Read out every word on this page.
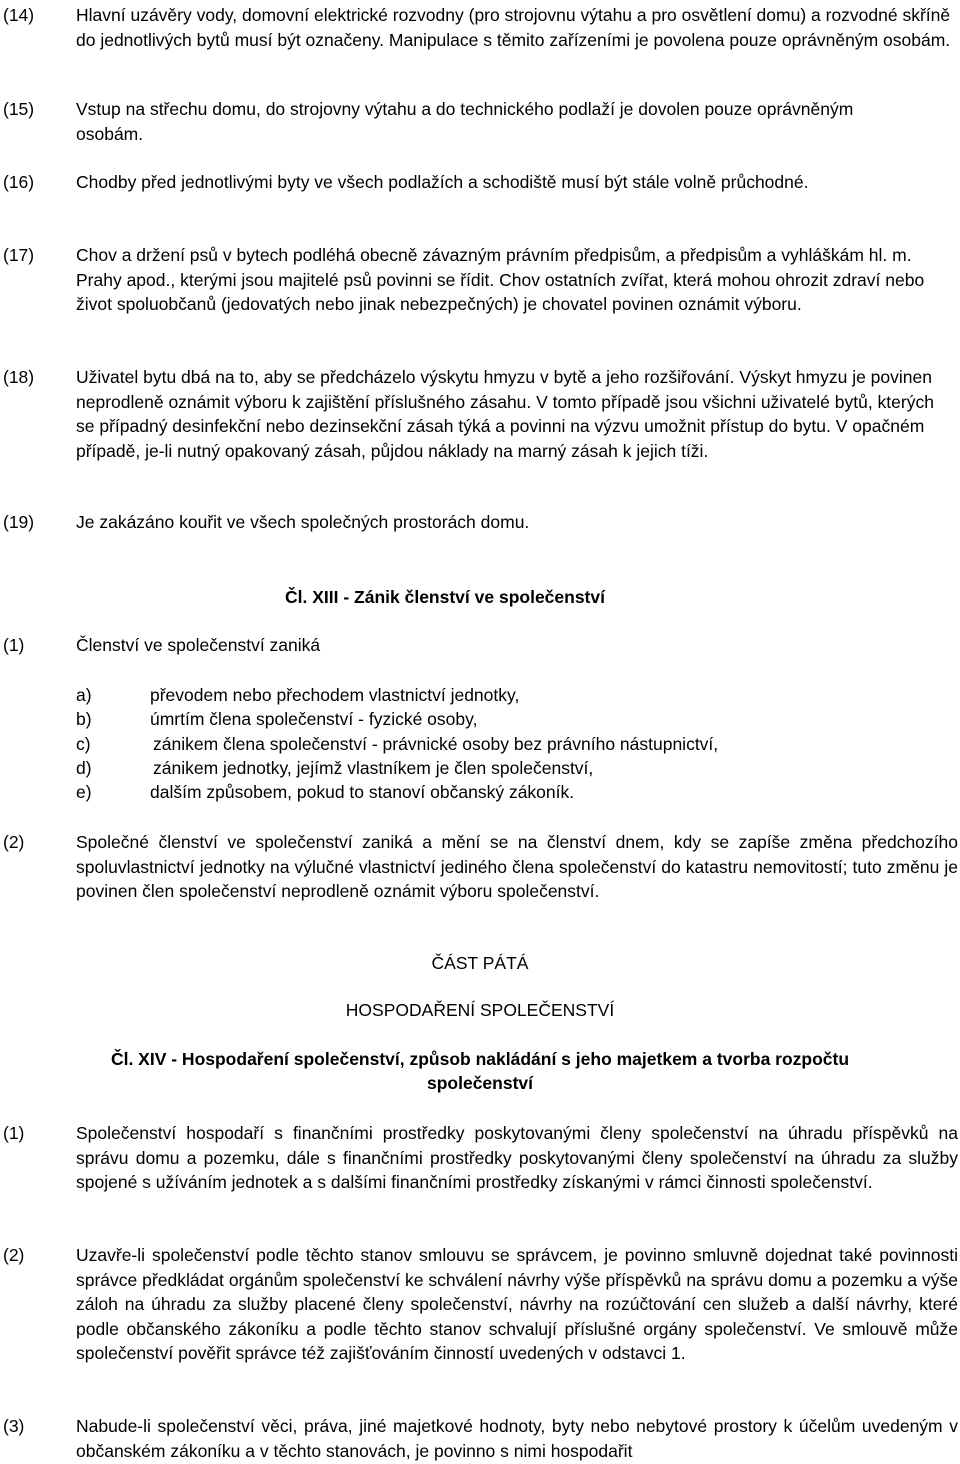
(14) Hlavní uzávěry vody, domovní elektrické rozvodny (pro strojovnu výtahu a pro osvětlení domu) a rozvodné skříně do jednotlivých bytů musí být označeny. Manipulace s těmito zařízeními je povolena pouze oprávněným osobám.
(15) Vstup na střechu domu, do strojovny výtahu a do technického podlaží je dovolen pouze oprávněným osobám.
(16) Chodby před jednotlivými byty ve všech podlažích a schodiště musí být stále volně průchodné.
(17) Chov a držení psů v bytech podléhá obecně závazným právním předpisům, a předpisům a vyhláškám hl. m. Prahy apod., kterými jsou majitelé psů povinni se řídit. Chov ostatních zvířat, která mohou ohrozit zdraví nebo život spoluobčanů (jedovatých nebo jinak nebezpečných) je chovatel povinen oznámit výboru.
(18) Uživatel bytu dbá na to, aby se předcházelo výskytu hmyzu v bytě a jeho rozšiřování. Výskyt hmyzu je povinen neprodleně oznámit výboru k zajištění příslušného zásahu. V tomto případě jsou všichni uživatelé bytů, kterých se případný desinfekční nebo dezinsekční zásah týká a povinni na výzvu umožnit přístup do bytu. V opačném případě, je-li nutný opakovaný zásah, půjdou náklady na marný zásah k jejich tíži.
(19) Je zakázáno kouřit ve všech společných prostorách domu.
Čl. XIII - Zánik členství ve společenství
(1)	Členství ve společenství zaniká
a)	převodem nebo přechodem vlastnictví jednotky,
b)	úmrtím člena společenství - fyzické osoby,
c)	zánikem člena společenství - právnické osoby bez právního nástupnictví,
d)	zánikem jednotky, jejímž vlastníkem je člen společenství,
e)	dalším způsobem, pokud to stanoví občanský zákoník.
(2)	Společné členství ve společenství zaniká a mění se na členství dnem, kdy se zapíše změna předchozího spoluvlastnictví jednotky na výlučné vlastnictví jediného člena společenství do katastru nemovitostí; tuto změnu je povinen člen společenství neprodleně oznámit výboru společenství.
ČÁST PÁTÁ
HOSPODAŘENÍ SPOLEČENSTVÍ
Čl. XIV - Hospodaření společenství, způsob nakládání s jeho majetkem a tvorba rozpočtu
společenství
(1)	Společenství hospodaří s finančními prostředky poskytovanými členy společenství na úhradu příspěvků na správu domu a pozemku, dále s finančními prostředky poskytovanými členy společenství na úhradu za služby spojené s užíváním jednotek a s dalšími finančními prostředky získanými v rámci činnosti společenství.
(2)	Uzavře-li společenství podle těchto stanov smlouvu se správcem, je povinno smluvně dojednat také povinnosti správce předkládat orgánům společenství ke schválení návrhy výše příspěvků na správu domu a pozemku a výše záloh na úhradu za služby placené členy společenství, návrhy na rozúčtování cen služeb a další návrhy, které podle občanského zákoníku a podle těchto stanov schvalují příslušné orgány společenství. Ve smlouvě může společenství pověřit správce též zajišťováním činností uvedených v odstavci 1.
(3)	Nabude-li společenství věci, práva, jiné majetkové hodnoty, byty nebo nebytové prostory k účelům uvedeným v občanském zákoníku a v těchto stanovách, je povinno s nimi hospodařit
